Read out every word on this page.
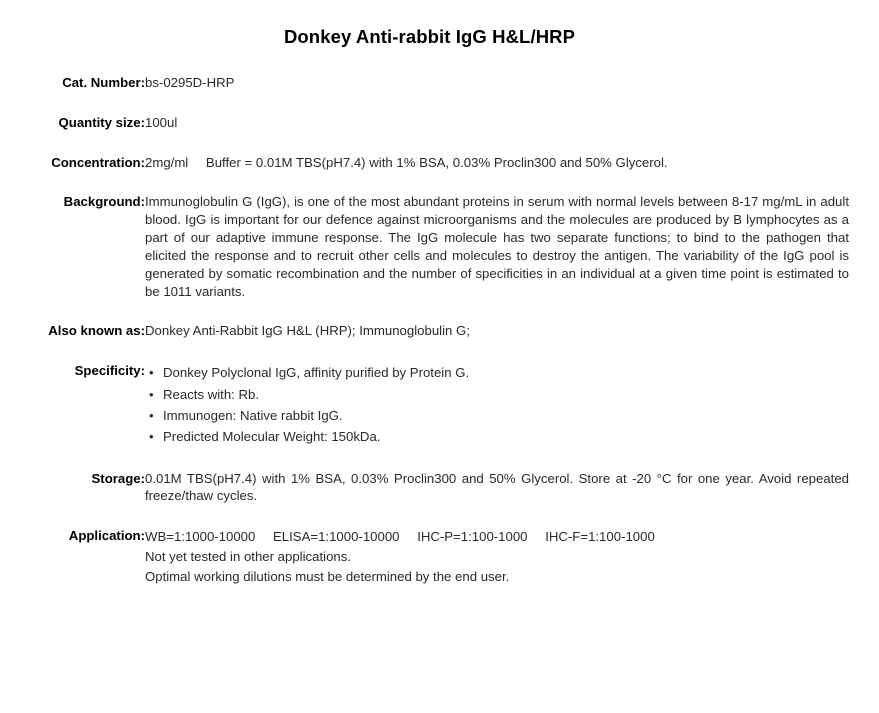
Donkey Anti-rabbit IgG H&L/HRP
Cat. Number:	bs-0295D-HRP
Quantity size:	100ul
Concentration:	2mg/ml Buffer = 0.01M TBS(pH7.4) with 1% BSA, 0.03% Proclin300 and 50% Glycerol.
Background:	Immunoglobulin G (IgG), is one of the most abundant proteins in serum with normal levels between 8-17 mg/mL in adult blood. IgG is important for our defence against microorganisms and the molecules are produced by B lymphocytes as a part of our adaptive immune response. The IgG molecule has two separate functions; to bind to the pathogen that elicited the response and to recruit other cells and molecules to destroy the antigen. The variability of the IgG pool is generated by somatic recombination and the number of specificities in an individual at a given time point is estimated to be 1011 variants.
Also known as:	Donkey Anti-Rabbit IgG H&L (HRP); Immunoglobulin G;
Specificity:	• Donkey Polyclonal IgG, affinity purified by Protein G.
• Reacts with: Rb.
• Immunogen: Native rabbit IgG.
• Predicted Molecular Weight: 150kDa.

Storage:	0.01M TBS(pH7.4) with 1% BSA, 0.03% Proclin300 and 50% Glycerol. Store at -20 °C for one year. Avoid repeated freeze/thaw cycles.
Application:	WB=1:1000-10000 ELISA=1:1000-10000 IHC-P=1:100-1000 IHC-F=1:100-1000
Not yet tested in other applications.
Optimal working dilutions must be determined by the end user.
